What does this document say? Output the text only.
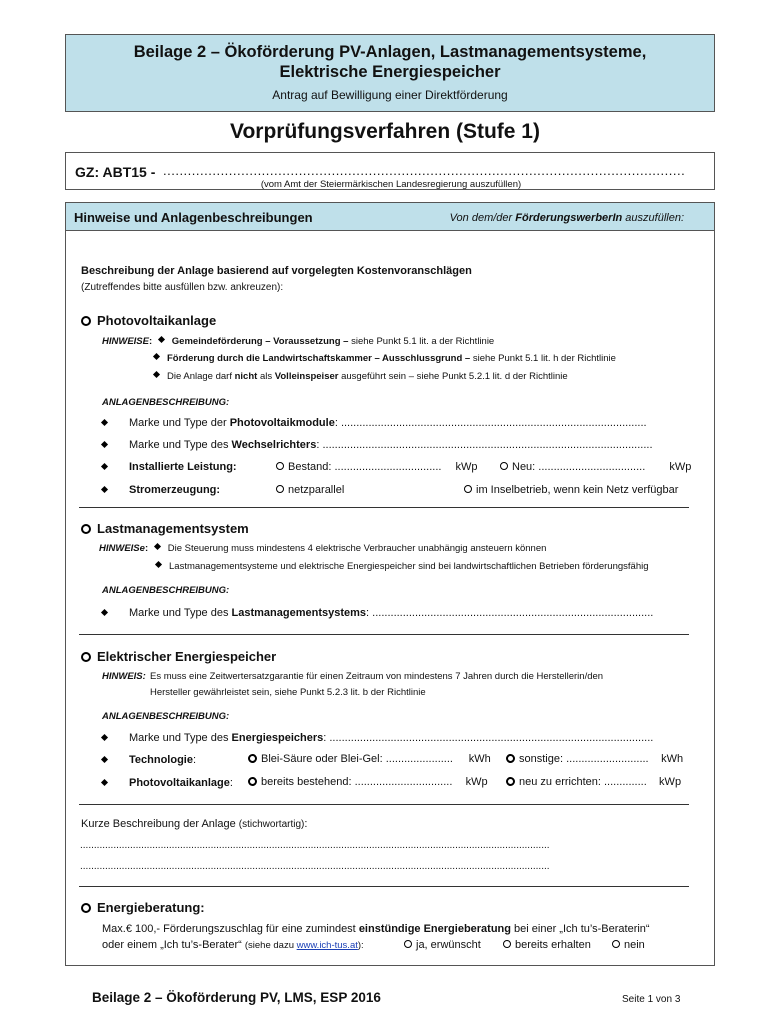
Beilage 2 – Ökoförderung PV-Anlagen, Lastmanagementsysteme,
Elektrische Energiespeicher
Antrag auf Bewilligung einer Direktförderung
Vorprüfungsverfahren (Stufe 1)
GZ: ABT15 - ...............................................................................................................................
(vom Amt der Steiermärkischen Landesregierung auszufüllen)
Hinweise und Anlagenbeschreibungen	Von dem/der FörderungswerberIn auszufüllen:
Beschreibung der Anlage basierend auf vorgelegten Kostenvoranschlägen
(Zutreffendes bitte ausfüllen bzw. ankreuzen):
Photovoltaikanlage
HINWEISE: Gemeindeförderung – Voraussetzung – siehe Punkt 5.1 lit. a der Richtlinie
Förderung durch die Landwirtschaftskammer – Ausschlussgrund – siehe Punkt 5.1 lit. h der Richtlinie
Die Anlage darf nicht als Volleinspeiser ausgeführt sein – siehe Punkt 5.2.1 lit. d der Richtlinie
ANLAGENBESCHREIBUNG:
Marke und Type der Photovoltaikmodule: ....................................................................................................
Marke und Type des Wechselrichters: ............................................................................................................
Installierte Leistung:	Bestand: ................................... kWp	Neu: ................................... kWp
Stromerzeugung:	netzparallel	im Inselbetrieb, wenn kein Netz verfügbar
Lastmanagementsystem
HINWEISe: Die Steuerung muss mindestens 4 elektrische Verbraucher unabhängig ansteuern können
Lastmanagementsysteme und elektrische Energiespeicher sind bei landwirtschaftlichen Betrieben förderungsfähig
ANLAGENBESCHREIBUNG:
Marke und Type des Lastmanagementsystems: ............................................................................................
Elektrischer Energiespeicher
HINWEIS: Es muss eine Zeitwertersatzgarantie für einen Zeitraum von mindestens 7 Jahren durch die Herstellerin/den
Hersteller gewährleistet sein, siehe Punkt 5.2.3 lit. b der Richtlinie
ANLAGENBESCHREIBUNG:
Marke und Type des Energiespeichers: ..........................................................................................................
Technologie:	Blei-Säure oder Blei-Gel: ...................... kWh	sonstige: ........................... kWh
Photovoltaikanlage:	bereits bestehend: ................................ kWp	neu zu errichten: .............. kWp
Kurze Beschreibung der Anlage (stichwortartig):
.........................................................................................................................................................................
.........................................................................................................................................................................
Energieberatung:
Max.€ 100,- Förderungszuschlag für eine zumindest einstündige Energieberatung bei einer „Ich tu’s-Beraterin“
oder einem „Ich tu’s-Berater“ (siehe dazu www.ich-tus.at):	ja, erwünscht	bereits erhalten	nein
Beilage 2 – Ökoförderung PV, LMS, ESP 2016	Seite 1 von 3
